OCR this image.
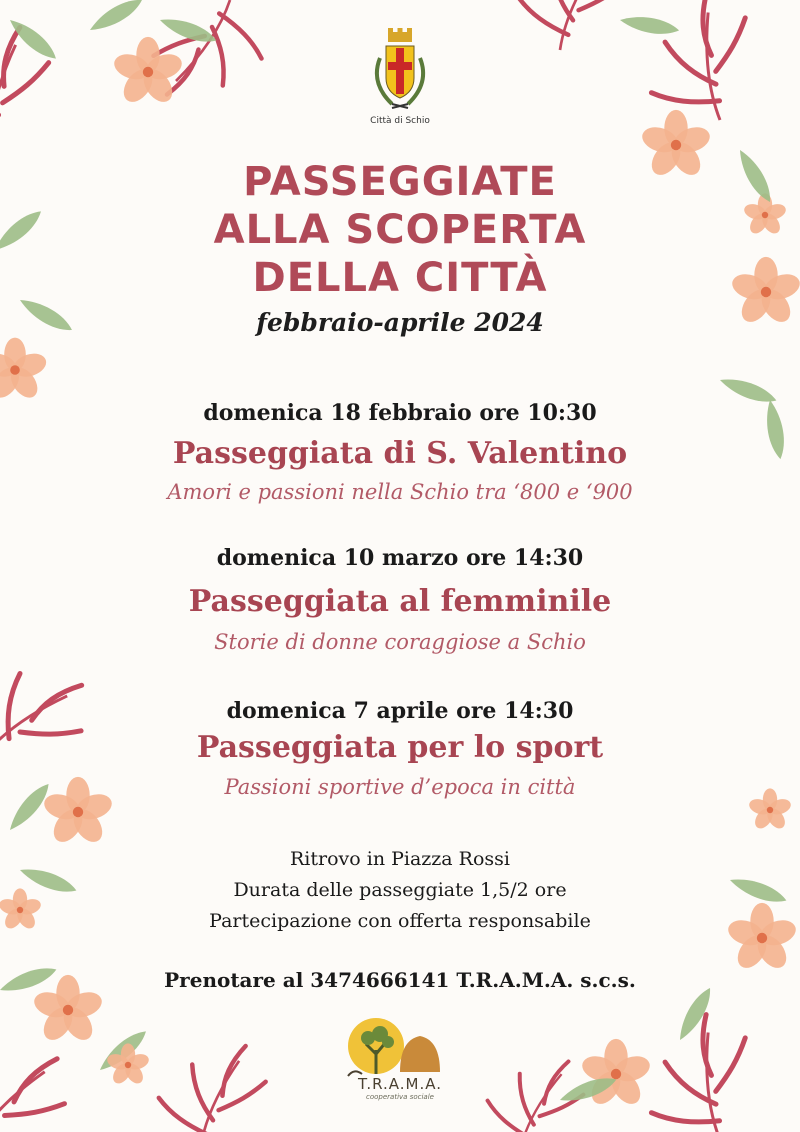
Città di Schio
PASSEGGIATE
ALLA SCOPERTA
DELLA CITTÀ
febbraio-aprile 2024
domenica 18 febbraio ore 10:30
Passeggiata di S. Valentino
Amori e passioni nella Schio tra ‘800 e ‘900
domenica 10 marzo ore 14:30
Passeggiata al femminile
Storie di donne coraggiose a Schio
domenica 7 aprile ore 14:30
Passeggiata per lo sport
Passioni sportive d’epoca in città
Ritrovo in Piazza Rossi
Durata delle passeggiate 1,5/2 ore
Partecipazione con offerta responsabile
Prenotare al 3474666141 T.R.A.M.A. s.c.s.
T.R.A.M.A.
cooperativa sociale
